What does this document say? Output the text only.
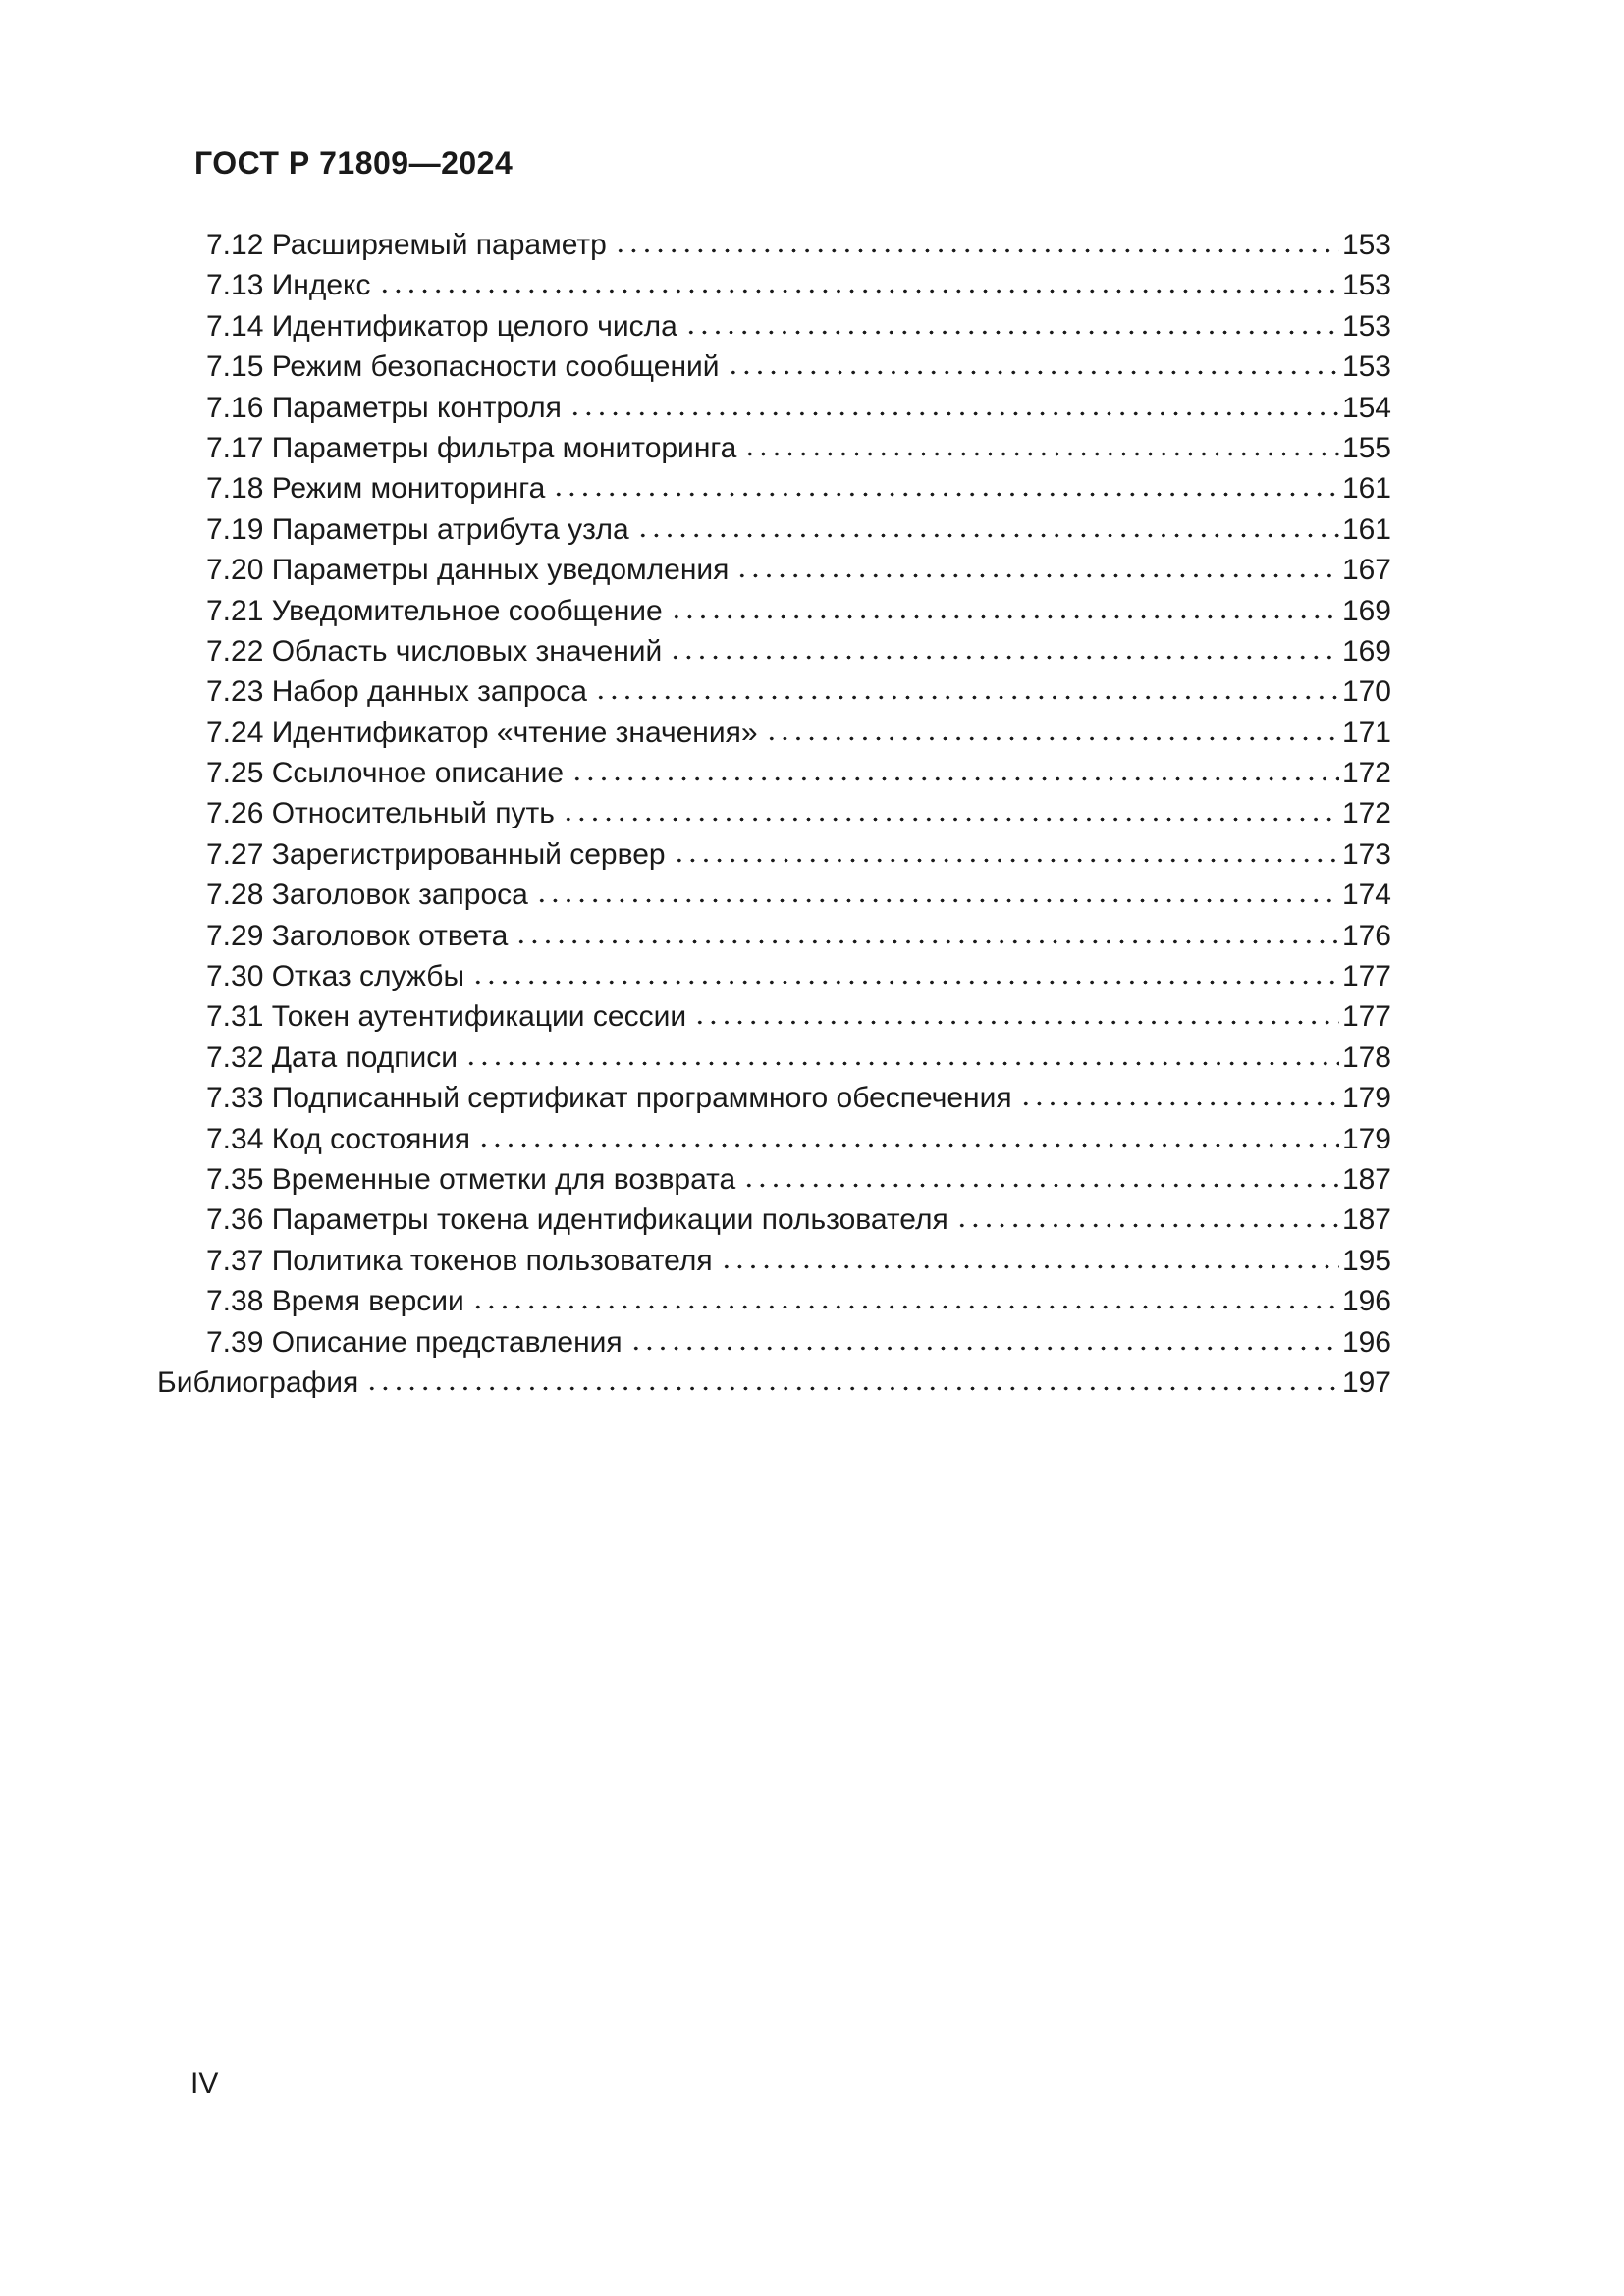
ГОСТ Р 71809—2024
7.12 Расширяемый параметр	153
7.13 Индекс	153
7.14 Идентификатор целого числа	153
7.15 Режим безопасности сообщений	153
7.16 Параметры контроля	154
7.17 Параметры фильтра мониторинга	155
7.18 Режим мониторинга	161
7.19 Параметры атрибута узла	161
7.20 Параметры данных уведомления	167
7.21 Уведомительное сообщение	169
7.22 Область числовых значений	169
7.23 Набор данных запроса	170
7.24 Идентификатор «чтение значения»	171
7.25 Ссылочное описание	172
7.26 Относительный путь	172
7.27 Зарегистрированный сервер	173
7.28 Заголовок запроса	174
7.29 Заголовок ответа	176
7.30 Отказ службы	177
7.31 Токен аутентификации сессии	177
7.32 Дата подписи	178
7.33 Подписанный сертификат программного обеспечения	179
7.34 Код состояния	179
7.35 Временные отметки для возврата	187
7.36 Параметры токена идентификации пользователя	187
7.37 Политика токенов пользователя	195
7.38 Время версии	196
7.39 Описание представления	196
Библиография	197
IV
